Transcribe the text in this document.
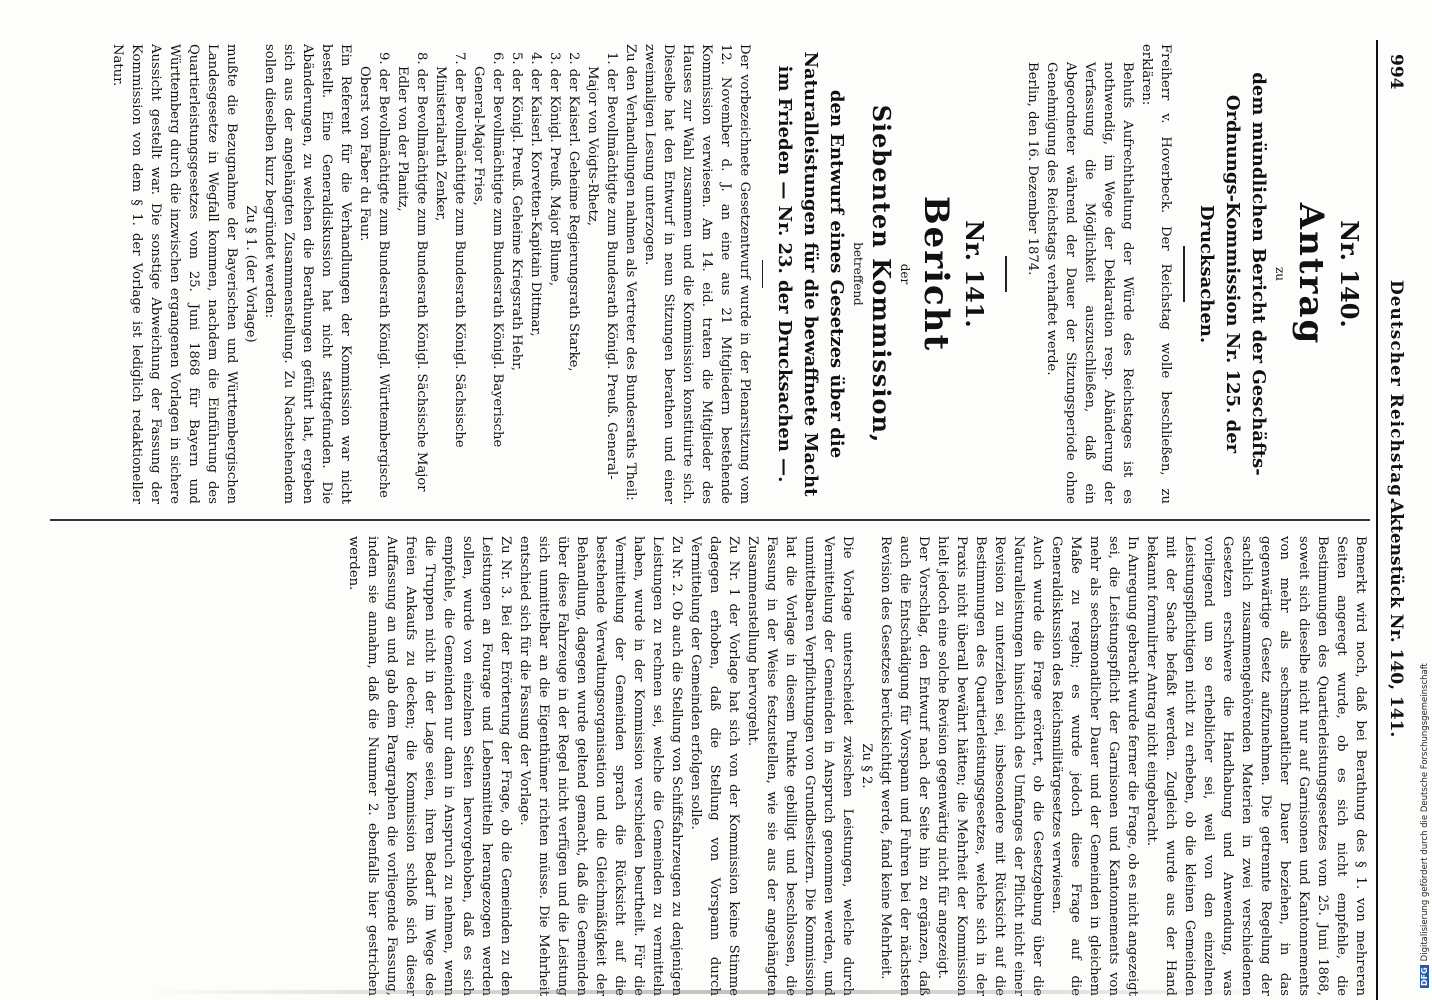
994
Deutscher Reichstag.
Aktenstück Nr. 140, 141.
Nr. 140.
Antrag
zu
dem mündlichen Bericht der Geschäfts-Ordnungs-Kommission Nr. 125. der Drucksachen.

Freiherr v. Hoverbeck. Der Reichstag wolle beschließen, zu erklären:

Behufs Aufrechthaltung der Würde des Reichstages ist es nothwendig, im Wege der Deklaration resp. Abänderung der Verfassung die Möglichkeit auszuschließen, daß ein Abgeordneter während der Dauer der Sitzungsperiode ohne Genehmigung des Reichstags verhaftet werde.

Berlin, den 16. Dezember 1874.

Nr. 141.
Bericht
der
Siebenten Kommission,
betreffend
den Entwurf eines Gesetzes über die Naturalleistungen für die bewaffnete Macht im Frieden — Nr. 23. der Drucksachen —.

Der vorbezeichnete Gesetzentwurf wurde in der Plenarsitzung vom 12. November d. J. an eine aus 21 Mitgliedern bestehende Kommission verwiesen. Am 14. eid. traten die Mitglieder des Hauses zur Wahl zusammen und die Kommission konstituirte sich. Dieselbe hat den Entwurf in neun Sitzungen berathen und einer zweimaligen Lesung unterzogen.

Zu den Verhandlungen nahmen als Vertreter des Bundesraths Theil:

1. der Bevollmächtigte zum Bundesrath Königl. Preuß. General-Major von Voigts-Rhetz,

2. der Kaiserl. Geheime Regierungsrath Starke,

3. der Königl. Preuß. Major Blume,

4. der Kaiserl. Korvetten-Kapitain Dittmar,

5. der Königl. Preuß. Geheime Kriegsrath Hehr,

6. der Bevollmächtigte zum Bundesrath Königl. Bayerische General-Major Fries,

7. der Bevollmächtigte zum Bundesrath Königl. Sächsische Ministerialrath Zenker,

8. der Bevollmächtigte zum Bundesrath Königl. Sächsische Major Edler von der Planitz,

9. der Bevollmächtigte zum Bundesrath Königl. Württembergische Oberst von Faber du Faur.

Ein Referent für die Verhandlungen der Kommission war nicht bestellt. Eine Generaldiskussion hat nicht stattgefunden. Die Abänderungen, zu welchen die Berathungen geführt hat, ergeben sich aus der angehängten Zusammenstellung. Zu Nachstehendem sollen dieselben kurz begründet werden:

Zu § 1. (der Vorlage)

mußte die Bezugnahme der Bayerischen und Württembergischen Landesgesetze in Wegfall kommen, nachdem die Einführung des Quartierleistungsgesetzes vom 25. Juni 1868 für Bayern und Württemberg durch die inzwischen ergangenen Vorlagen in sichere Aussicht gestellt war. Die sonstige Abweichung der Fassung der Kommission von dem § 1. der Vorlage ist lediglich redaktioneller Natur.

Bemerkt wird noch, daß bei Berathung des § 1. von mehreren Seiten angeregt wurde, ob es sich nicht empfehle, die Bestimmungen des Quartierleistungsgesetzes vom 25. Juni 1868, soweit sich dieselbe nicht nur auf Garnisonen und Kantonnements von mehr als sechsmonatlicher Dauer beziehen, in das gegenwärtige Gesetz aufzunehmen. Die getrennte Regelung der sachlich zusammengehörenden Materien in zwei verschiedenen Gesetzen erschwere die Handhabung und Anwendung, was vorliegend um so erheblicher sei, weil von den einzelnen Leistungspflichtigen nicht zu erheben, ob die kleinen Gemeinden mit der Sache befaßt werden. Zugleich wurde aus der Hand bekannt formulirter Antrag nicht eingebracht.

In Anregung gebracht wurde ferner die Frage, ob es nicht angezeigt sei, die Leistungspflicht der Garnisonen und Kantonnements von mehr als sechsmonatlicher Dauer und der Gemeinden in gleichem Maße zu regeln; es wurde jedoch diese Frage auf die Generaldiskussion des Reichsmilitärgesetzes verwiesen.

Auch wurde die Frage erörtert, ob die Gesetzgebung über die Naturalleistungen hinsichtlich des Umfanges der Pflicht nicht einer Revision zu unterziehen sei, insbesondere mit Rücksicht auf die Bestimmungen des Quartierleistungsgesetzes, welche sich in der Praxis nicht überall bewährt hätten; die Mehrheit der Kommission hielt jedoch eine solche Revision gegenwärtig nicht für angezeigt.

Der Vorschlag, den Entwurf nach der Seite hin zu ergänzen, daß auch die Entschädigung für Vorspann und Fuhren bei der nächsten Revision des Gesetzes berücksichtigt werde, fand keine Mehrheit.

Zu § 2.

Die Vorlage unterscheidet zwischen Leistungen, welche durch Vermittelung der Gemeinden in Anspruch genommen werden, und unmittelbaren Verpflichtungen von Grundbesitzern. Die Kommission hat die Vorlage in diesem Punkte gebilligt und beschlossen, die Fassung in der Weise festzustellen, wie sie aus der angehängten Zusammenstellung hervorgeht.

Zu Nr. 1 der Vorlage hat sich von der Kommission keine Stimme dagegen erhoben, daß die Stellung von Vorspann durch Vermittelung der Gemeinden erfolgen solle.

Zu Nr. 2. Ob auch die Stellung von Schiffsfahrzeugen zu denjenigen Leistungen zu rechnen sei, welche die Gemeinden zu vermitteln haben, wurde in der Kommission verschieden beurtheilt. Für die Vermittelung der Gemeinden sprach die Rücksicht auf die bestehende Verwaltungsorganisation und die Gleichmäßigkeit der Behandlung, dagegen wurde geltend gemacht, daß die Gemeinden über diese Fahrzeuge in der Regel nicht verfügen und die Leistung sich unmittelbar an die Eigenthümer richten müsse. Die Mehrheit entschied sich für die Fassung der Vorlage.

Zu Nr. 3. Bei der Erörterung der Frage, ob die Gemeinden zu den Leistungen an Fourage und Lebensmitteln herangezogen werden sollen, wurde von einzelnen Seiten hervorgehoben, daß es sich empfehle, die Gemeinden nur dann in Anspruch zu nehmen, wenn die Truppen nicht in der Lage seien, ihren Bedarf im Wege des freien Ankaufs zu decken; die Kommission schloß sich dieser Auffassung an und gab dem Paragraphen die vorliegende Fassung, indem sie annahm, daß die Nummer 2. ebenfalls hier gestrichen werden.

DFGDigitalisierung gefördert durch die Deutsche Forschungsgemeinschaft
